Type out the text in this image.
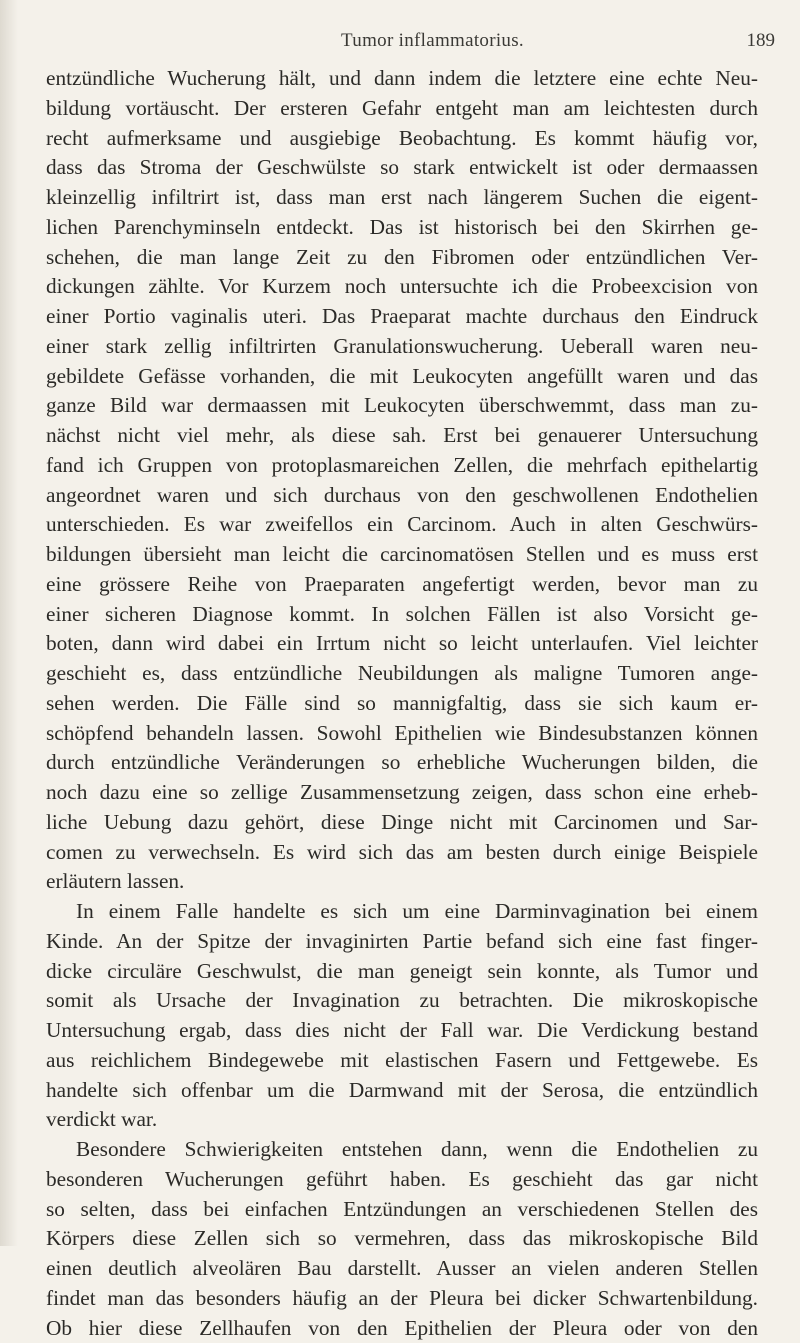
Tumor inflammatorius.	189
entzündliche Wucherung hält, und dann indem die letztere eine echte Neu-
bildung vortäuscht. Der ersteren Gefahr entgeht man am leichtesten durch
recht aufmerksame und ausgiebige Beobachtung. Es kommt häufig vor,
dass das Stroma der Geschwülste so stark entwickelt ist oder dermaassen
kleinzellig infiltrirt ist, dass man erst nach längerem Suchen die eigent-
lichen Parenchyminseln entdeckt. Das ist historisch bei den Skirrhen ge-
schehen, die man lange Zeit zu den Fibromen oder entzündlichen Ver-
dickungen zählte. Vor Kurzem noch untersuchte ich die Probeexcision von
einer Portio vaginalis uteri. Das Praeparat machte durchaus den Eindruck
einer stark zellig infiltrirten Granulationswucherung. Ueberall waren neu-
gebildete Gefässe vorhanden, die mit Leukocyten angefüllt waren und das
ganze Bild war dermaassen mit Leukocyten überschwemmt, dass man zu-
nächst nicht viel mehr, als diese sah. Erst bei genauerer Untersuchung
fand ich Gruppen von protoplasmareichen Zellen, die mehrfach epithelartig
angeordnet waren und sich durchaus von den geschwollenen Endothelien
unterschieden. Es war zweifellos ein Carcinom. Auch in alten Geschwürs-
bildungen übersieht man leicht die carcinomatösen Stellen und es muss erst
eine grössere Reihe von Praeparaten angefertigt werden, bevor man zu
einer sicheren Diagnose kommt. In solchen Fällen ist also Vorsicht ge-
boten, dann wird dabei ein Irrtum nicht so leicht unterlaufen. Viel leichter
geschieht es, dass entzündliche Neubildungen als maligne Tumoren ange-
sehen werden. Die Fälle sind so mannigfaltig, dass sie sich kaum er-
schöpfend behandeln lassen. Sowohl Epithelien wie Bindesubstanzen können
durch entzündliche Veränderungen so erhebliche Wucherungen bilden, die
noch dazu eine so zellige Zusammensetzung zeigen, dass schon eine erheb-
liche Uebung dazu gehört, diese Dinge nicht mit Carcinomen und Sar-
comen zu verwechseln. Es wird sich das am besten durch einige Beispiele
erläutern lassen.
In einem Falle handelte es sich um eine Darminvagination bei einem
Kinde. An der Spitze der invaginirten Partie befand sich eine fast finger-
dicke circuläre Geschwulst, die man geneigt sein konnte, als Tumor und
somit als Ursache der Invagination zu betrachten. Die mikroskopische
Untersuchung ergab, dass dies nicht der Fall war. Die Verdickung bestand
aus reichlichem Bindegewebe mit elastischen Fasern und Fettgewebe. Es
handelte sich offenbar um die Darmwand mit der Serosa, die entzündlich
verdickt war.
Besondere Schwierigkeiten entstehen dann, wenn die Endothelien zu
besonderen Wucherungen geführt haben. Es geschieht das gar nicht
so selten, dass bei einfachen Entzündungen an verschiedenen Stellen des
Körpers diese Zellen sich so vermehren, dass das mikroskopische Bild
einen deutlich alveolären Bau darstellt. Ausser an vielen anderen Stellen
findet man das besonders häufig an der Pleura bei dicker Schwartenbildung.
Ob hier diese Zellhaufen von den Epithelien der Pleura oder von den
